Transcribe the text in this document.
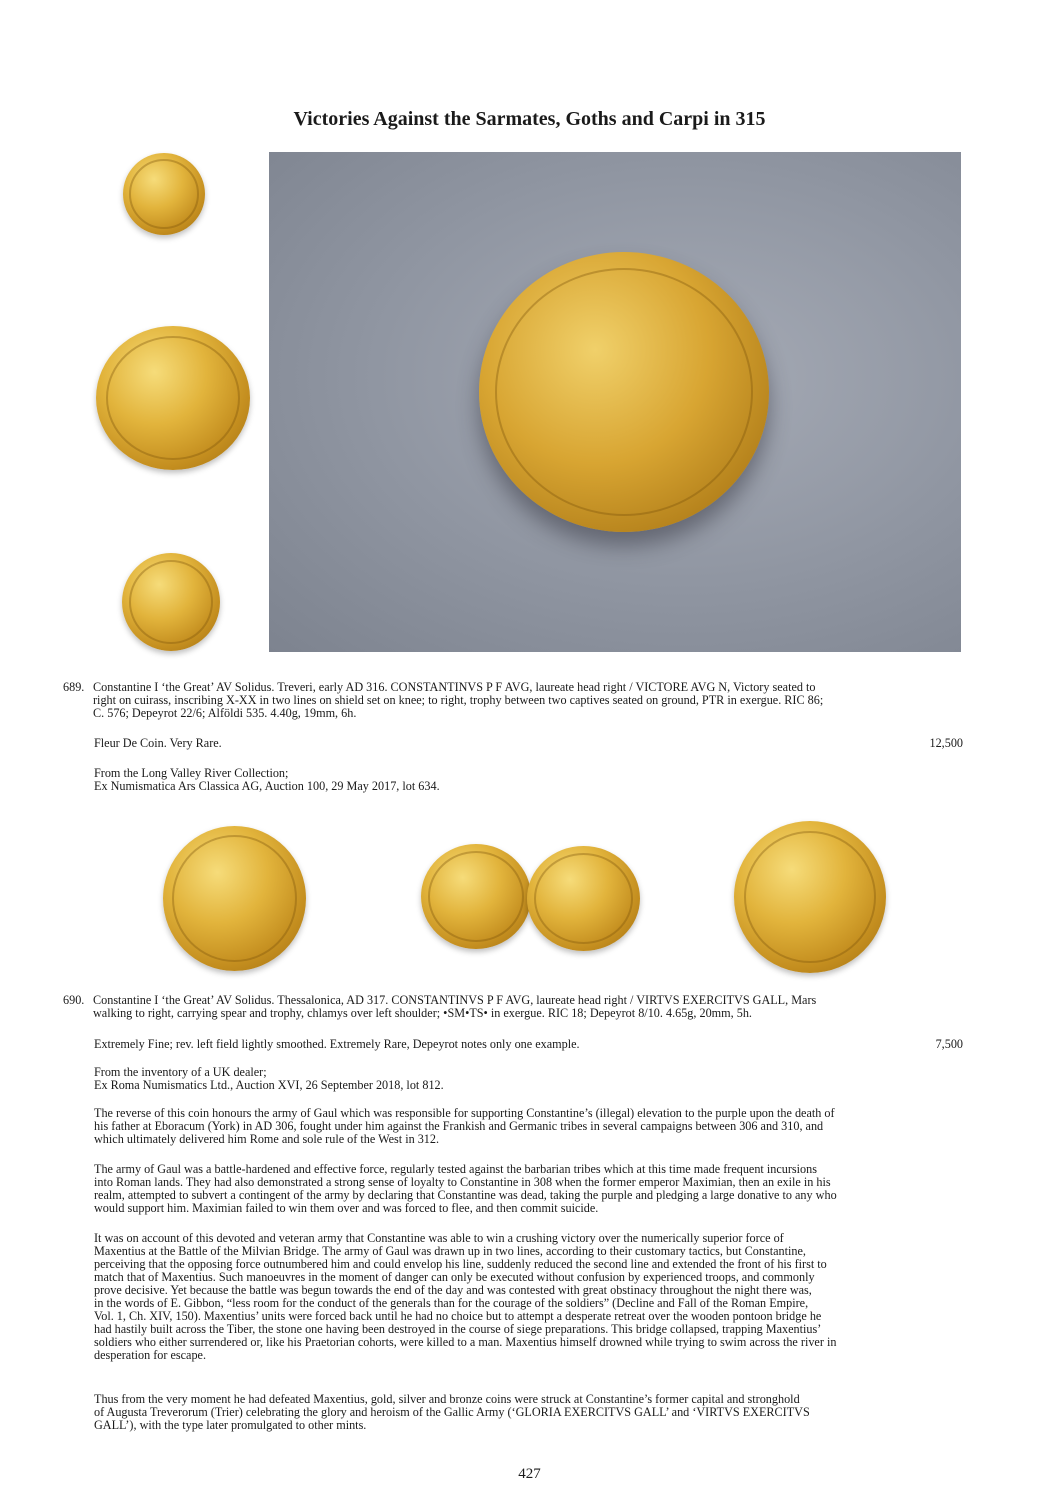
Victories Against the Sarmates, Goths and Carpi in 315
689. Constantine I ‘the Great’ AV Solidus. Treveri, early AD 316. CONSTANTINVS P F AVG, laureate head right / VICTORE AVG N, Victory seated to
right on cuirass, inscribing X-XX in two lines on shield set on knee; to right, trophy between two captives seated on ground, PTR in exergue. RIC 86;
C. 576; Depeyrot 22/6; Alföldi 535. 4.40g, 19mm, 6h.
Fleur De Coin. Very Rare.	12,500
From the Long Valley River Collection;
Ex Numismatica Ars Classica AG, Auction 100, 29 May 2017, lot 634.
690. Constantine I ‘the Great’ AV Solidus. Thessalonica, AD 317. CONSTANTINVS P F AVG, laureate head right / VIRTVS EXERCITVS GALL, Mars
walking to right, carrying spear and trophy, chlamys over left shoulder; •SM•TS• in exergue. RIC 18; Depeyrot 8/10. 4.65g, 20mm, 5h.
Extremely Fine; rev. left field lightly smoothed. Extremely Rare, Depeyrot notes only one example.	7,500
From the inventory of a UK dealer;
Ex Roma Numismatics Ltd., Auction XVI, 26 September 2018, lot 812.
The reverse of this coin honours the army of Gaul which was responsible for supporting Constantine’s (illegal) elevation to the purple upon the death of
his father at Eboracum (York) in AD 306, fought under him against the Frankish and Germanic tribes in several campaigns between 306 and 310, and
which ultimately delivered him Rome and sole rule of the West in 312.
The army of Gaul was a battle-hardened and effective force, regularly tested against the barbarian tribes which at this time made frequent incursions
into Roman lands. They had also demonstrated a strong sense of loyalty to Constantine in 308 when the former emperor Maximian, then an exile in his
realm, attempted to subvert a contingent of the army by declaring that Constantine was dead, taking the purple and pledging a large donative to any who
would support him. Maximian failed to win them over and was forced to flee, and then commit suicide.
It was on account of this devoted and veteran army that Constantine was able to win a crushing victory over the numerically superior force of
Maxentius at the Battle of the Milvian Bridge. The army of Gaul was drawn up in two lines, according to their customary tactics, but Constantine,
perceiving that the opposing force outnumbered him and could envelop his line, suddenly reduced the second line and extended the front of his first to
match that of Maxentius. Such manoeuvres in the moment of danger can only be executed without confusion by experienced troops, and commonly
prove decisive. Yet because the battle was begun towards the end of the day and was contested with great obstinacy throughout the night there was,
in the words of E. Gibbon, “less room for the conduct of the generals than for the courage of the soldiers” (Decline and Fall of the Roman Empire,
Vol. 1, Ch. XIV, 150). Maxentius’ units were forced back until he had no choice but to attempt a desperate retreat over the wooden pontoon bridge he
had hastily built across the Tiber, the stone one having been destroyed in the course of siege preparations. This bridge collapsed, trapping Maxentius’
soldiers who either surrendered or, like his Praetorian cohorts, were killed to a man. Maxentius himself drowned while trying to swim across the river in
desperation for escape.
Thus from the very moment he had defeated Maxentius, gold, silver and bronze coins were struck at Constantine’s former capital and stronghold
of Augusta Treverorum (Trier) celebrating the glory and heroism of the Gallic Army (‘GLORIA EXERCITVS GALL’ and ‘VIRTVS EXERCITVS
GALL’), with the type later promulgated to other mints.
427
